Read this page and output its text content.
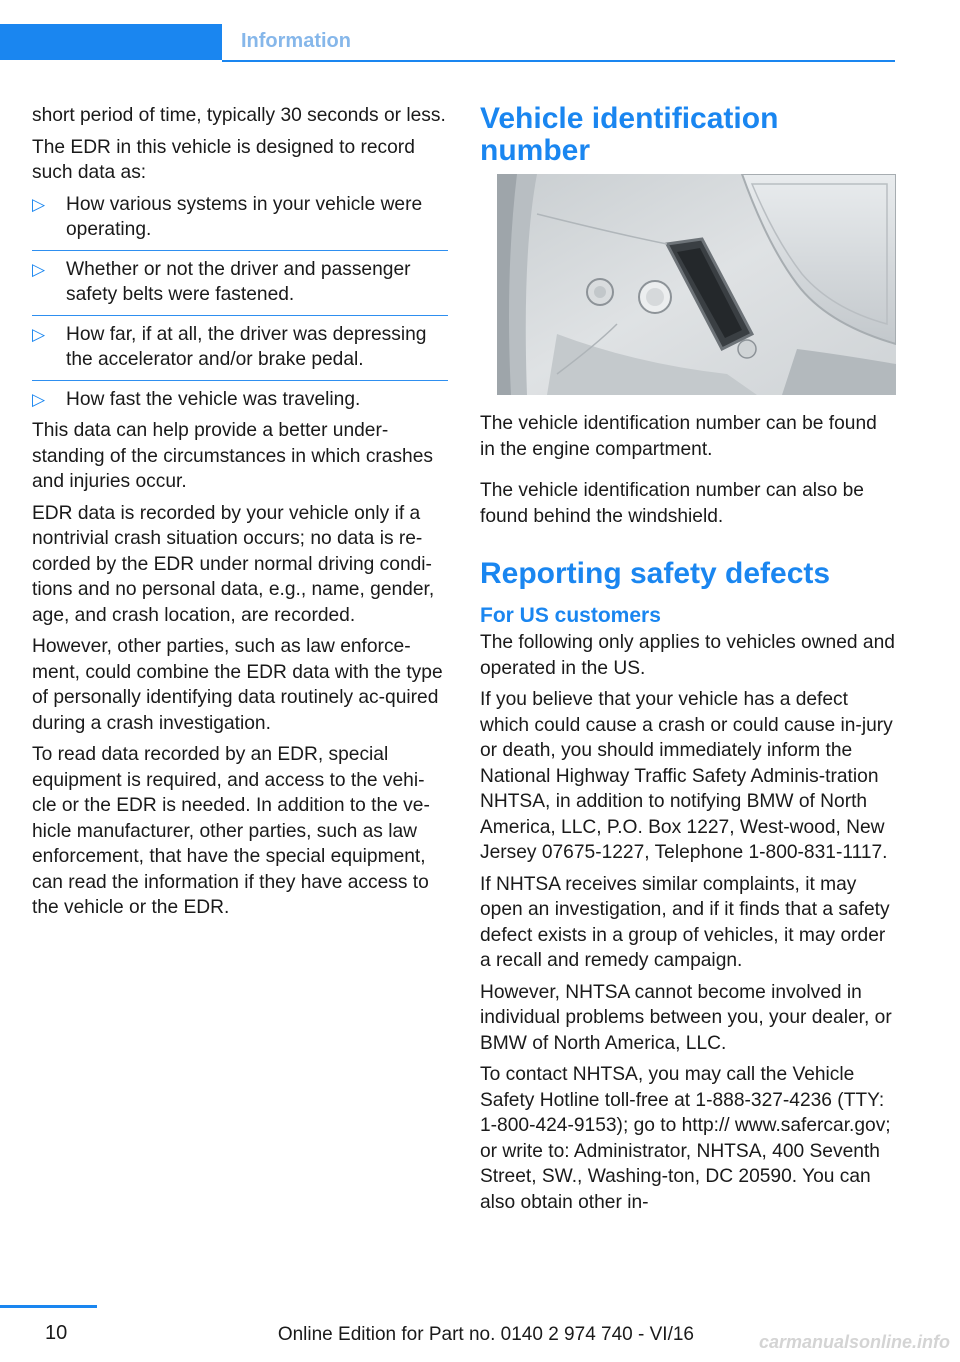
Information

short period of time, typically 30 seconds or less.

The EDR in this vehicle is designed to record such data as:

▷ How various systems in your vehicle were operating.
▷ Whether or not the driver and passenger safety belts were fastened.
▷ How far, if at all, the driver was depressing the accelerator and/or brake pedal.
▷ How fast the vehicle was traveling.

This data can help provide a better under-standing of the circumstances in which crashes and injuries occur.

EDR data is recorded by your vehicle only if a nontrivial crash situation occurs; no data is re-corded by the EDR under normal driving condi-tions and no personal data, e.g., name, gender, age, and crash location, are recorded.

However, other parties, such as law enforce-ment, could combine the EDR data with the type of personally identifying data routinely ac-quired during a crash investigation.

To read data recorded by an EDR, special equipment is required, and access to the vehi-cle or the EDR is needed. In addition to the ve-hicle manufacturer, other parties, such as law enforcement, that have the special equipment, can read the information if they have access to the vehicle or the EDR.

Vehicle identification number

The vehicle identification number can be found in the engine compartment.

The vehicle identification number can also be found behind the windshield.

Reporting safety defects
For US customers

The following only applies to vehicles owned and operated in the US.

If you believe that your vehicle has a defect which could cause a crash or could cause in-jury or death, you should immediately inform the National Highway Traffic Safety Adminis-tration NHTSA, in addition to notifying BMW of North America, LLC, P.O. Box 1227, West-wood, New Jersey 07675-1227, Telephone 1-800-831-1117.

If NHTSA receives similar complaints, it may open an investigation, and if it finds that a safety defect exists in a group of vehicles, it may order a recall and remedy campaign.

However, NHTSA cannot become involved in individual problems between you, your dealer, or BMW of North America, LLC.

To contact NHTSA, you may call the Vehicle Safety Hotline toll-free at 1-888-327-4236 (TTY: 1-800-424-9153); go to http:// www.safercar.gov; or write to: Administrator, NHTSA, 400 Seventh Street, SW., Washing-ton, DC 20590. You can also obtain other in-

10	Online Edition for Part no. 0140 2 974 740 - VI/16	carmanualsonline.info
